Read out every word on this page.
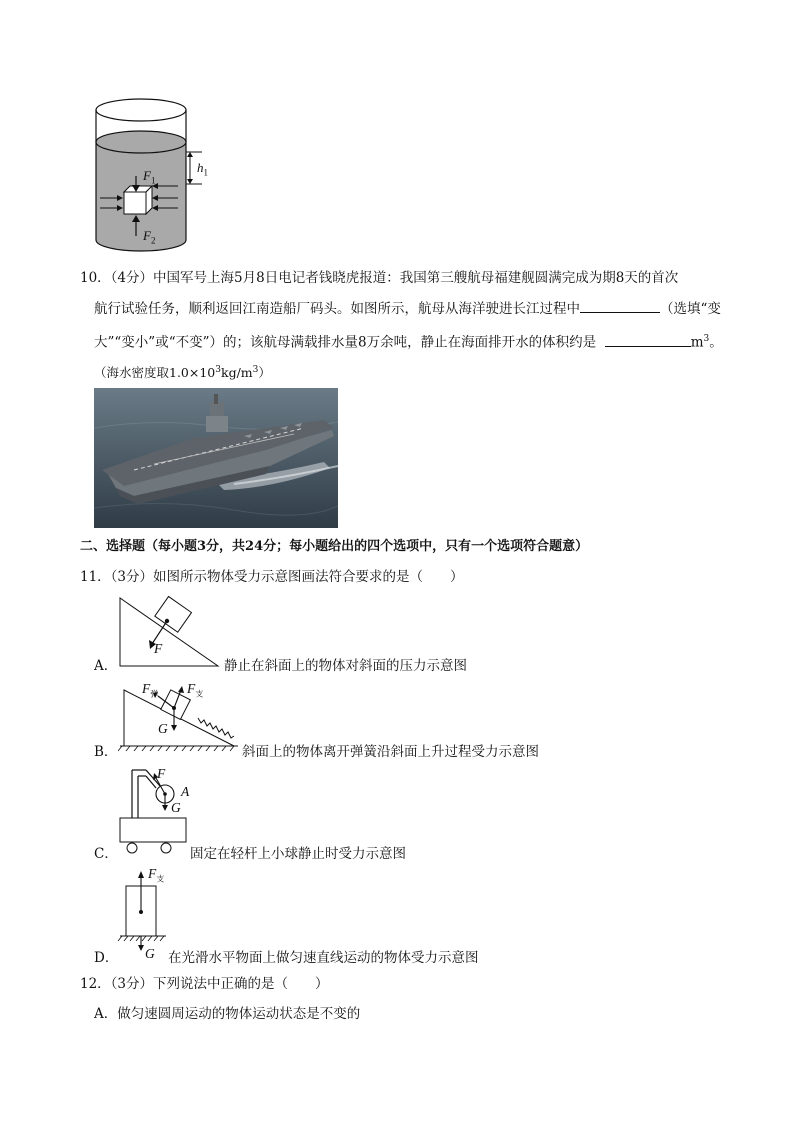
$h_1$
$F_1$
$F_2$
10．（4分）中国军号上海5月8日电记者钱晓虎报道：我国第三艘航母福建舰圆满完成为期8天的首次
航行试验任务，顺利返回江南造船厂码头。如图所示，航母从海洋驶进长江过程中	（选填“变
大”“变小”或“不变”）的；该航母满载排水量8万余吨，静止在海面排开水的体积约是	$m^3$。
（海水密度取$1.0\times 10^3kg/m^3$）
二、选择题（每小题3分，共24分；每小题给出的四个选项中，只有一个选项符合题意）
11．（3分）如图所示物体受力示意图画法符合要求的是（　　）
F
A．	静止在斜面上的物体对斜面的压力示意图
$F_弹$ $F_支$
G
B．	斜面上的物体离开弹簧沿斜面上升过程受力示意图
F
A
G
C．	固定在轻杆上小球静止时受力示意图
$F_支$
G
D．	在光滑水平物面上做匀速直线运动的物体受力示意图
12．（3分）下列说法中正确的是（　　）
A．做匀速圆周运动的物体运动状态是不变的
